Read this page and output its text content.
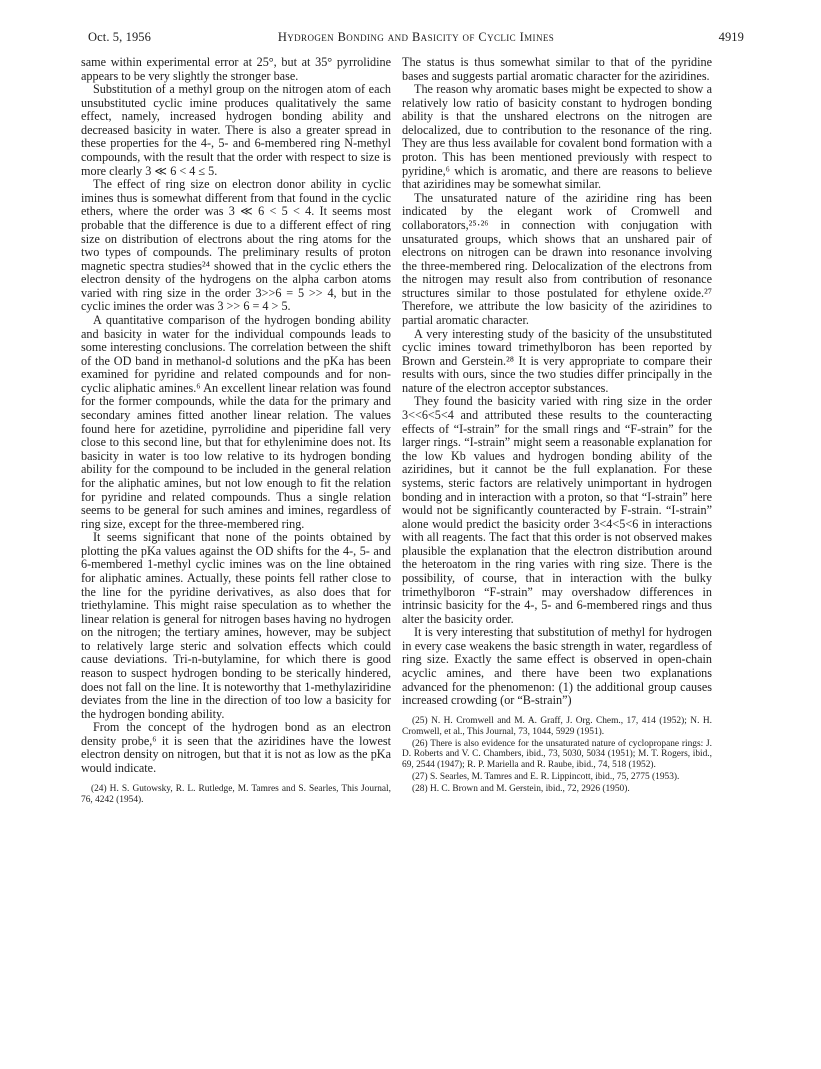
Oct. 5, 1956	Hydrogen Bonding and Basicity of Cyclic Imines	4919

same within experimental error at 25°, but at 35° pyrrolidine appears to be very slightly the stronger base.

Substitution of a methyl group on the nitrogen atom of each unsubstituted cyclic imine produces qualitatively the same effect, namely, increased hydrogen bonding ability and decreased basicity in water. There is also a greater spread in these properties for the 4-, 5- and 6-membered ring N-methyl compounds, with the result that the order with respect to size is more clearly 3 ≪ 6 < 4 ≤ 5.

The effect of ring size on electron donor ability in cyclic imines thus is somewhat different from that found in the cyclic ethers, where the order was 3 ≪ 6 < 5 < 4. It seems most probable that the difference is due to a different effect of ring size on distribution of electrons about the ring atoms for the two types of compounds. The preliminary results of proton magnetic spectra studies²⁴ showed that in the cyclic ethers the electron density of the hydrogens on the alpha carbon atoms varied with ring size in the order 3>>6 = 5 >> 4, but in the cyclic imines the order was 3 >> 6 = 4 > 5.

A quantitative comparison of the hydrogen bonding ability and basicity in water for the individual compounds leads to some interesting conclusions. The correlation between the shift of the OD band in methanol-d solutions and the pKa has been examined for pyridine and related compounds and for non-cyclic aliphatic amines.⁶ An excellent linear relation was found for the former compounds, while the data for the primary and secondary amines fitted another linear relation. The values found here for azetidine, pyrrolidine and piperidine fall very close to this second line, but that for ethylenimine does not. Its basicity in water is too low relative to its hydrogen bonding ability for the compound to be included in the general relation for the aliphatic amines, but not low enough to fit the relation for pyridine and related compounds. Thus a single relation seems to be general for such amines and imines, regardless of ring size, except for the three-membered ring.

It seems significant that none of the points obtained by plotting the pKa values against the OD shifts for the 4-, 5- and 6-membered 1-methyl cyclic imines was on the line obtained for aliphatic amines. Actually, these points fell rather close to the line for the pyridine derivatives, as also does that for triethylamine. This might raise speculation as to whether the linear relation is general for nitrogen bases having no hydrogen on the nitrogen; the tertiary amines, however, may be subject to relatively large steric and solvation effects which could cause deviations. Tri-n-butylamine, for which there is good reason to suspect hydrogen bonding to be sterically hindered, does not fall on the line. It is noteworthy that 1-methylaziridine deviates from the line in the direction of too low a basicity for the hydrogen bonding ability.

From the concept of the hydrogen bond as an electron density probe,⁶ it is seen that the aziridines have the lowest electron density on nitrogen, but that it is not as low as the pKa would indicate.

(24) H. S. Gutowsky, R. L. Rutledge, M. Tamres and S. Searles, This Journal, 76, 4242 (1954).

The status is thus somewhat similar to that of the pyridine bases and suggests partial aromatic character for the aziridines.

The reason why aromatic bases might be expected to show a relatively low ratio of basicity constant to hydrogen bonding ability is that the unshared electrons on the nitrogen are delocalized, due to contribution to the resonance of the ring. They are thus less available for covalent bond formation with a proton. This has been mentioned previously with respect to pyridine,⁶ which is aromatic, and there are reasons to believe that aziridines may be somewhat similar.

The unsaturated nature of the aziridine ring has been indicated by the elegant work of Cromwell and collaborators,²⁵·²⁶ in connection with conjugation with unsaturated groups, which shows that an unshared pair of electrons on nitrogen can be drawn into resonance involving the three-membered ring. Delocalization of the electrons from the nitrogen may result also from contribution of resonance structures similar to those postulated for ethylene oxide.²⁷ Therefore, we attribute the low basicity of the aziridines to partial aromatic character.

A very interesting study of the basicity of the unsubstituted cyclic imines toward trimethylboron has been reported by Brown and Gerstein.²⁸ It is very appropriate to compare their results with ours, since the two studies differ principally in the nature of the electron acceptor substances.

They found the basicity varied with ring size in the order 3<<6<5<4 and attributed these results to the counteracting effects of “I-strain” for the small rings and “F-strain” for the larger rings. “I-strain” might seem a reasonable explanation for the low Kb values and hydrogen bonding ability of the aziridines, but it cannot be the full explanation. For these systems, steric factors are relatively unimportant in hydrogen bonding and in interaction with a proton, so that “I-strain” here would not be significantly counteracted by F-strain. “I-strain” alone would predict the basicity order 3<4<5<6 in interactions with all reagents. The fact that this order is not observed makes plausible the explanation that the electron distribution around the heteroatom in the ring varies with ring size. There is the possibility, of course, that in interaction with the bulky trimethylboron “F-strain” may overshadow differences in intrinsic basicity for the 4-, 5- and 6-membered rings and thus alter the basicity order.

It is very interesting that substitution of methyl for hydrogen in every case weakens the basic strength in water, regardless of ring size. Exactly the same effect is observed in open-chain acyclic amines, and there have been two explanations advanced for the phenomenon: (1) the additional group causes increased crowding (or “B-strain”)

(25) N. H. Cromwell and M. A. Graff, J. Org. Chem., 17, 414 (1952); N. H. Cromwell, et al., This Journal, 73, 1044, 5929 (1951).

(26) There is also evidence for the unsaturated nature of cyclopropane rings: J. D. Roberts and V. C. Chambers, ibid., 73, 5030, 5034 (1951); M. T. Rogers, ibid., 69, 2544 (1947); R. P. Mariella and R. Raube, ibid., 74, 518 (1952).

(27) S. Searles, M. Tamres and E. R. Lippincott, ibid., 75, 2775 (1953).

(28) H. C. Brown and M. Gerstein, ibid., 72, 2926 (1950).
